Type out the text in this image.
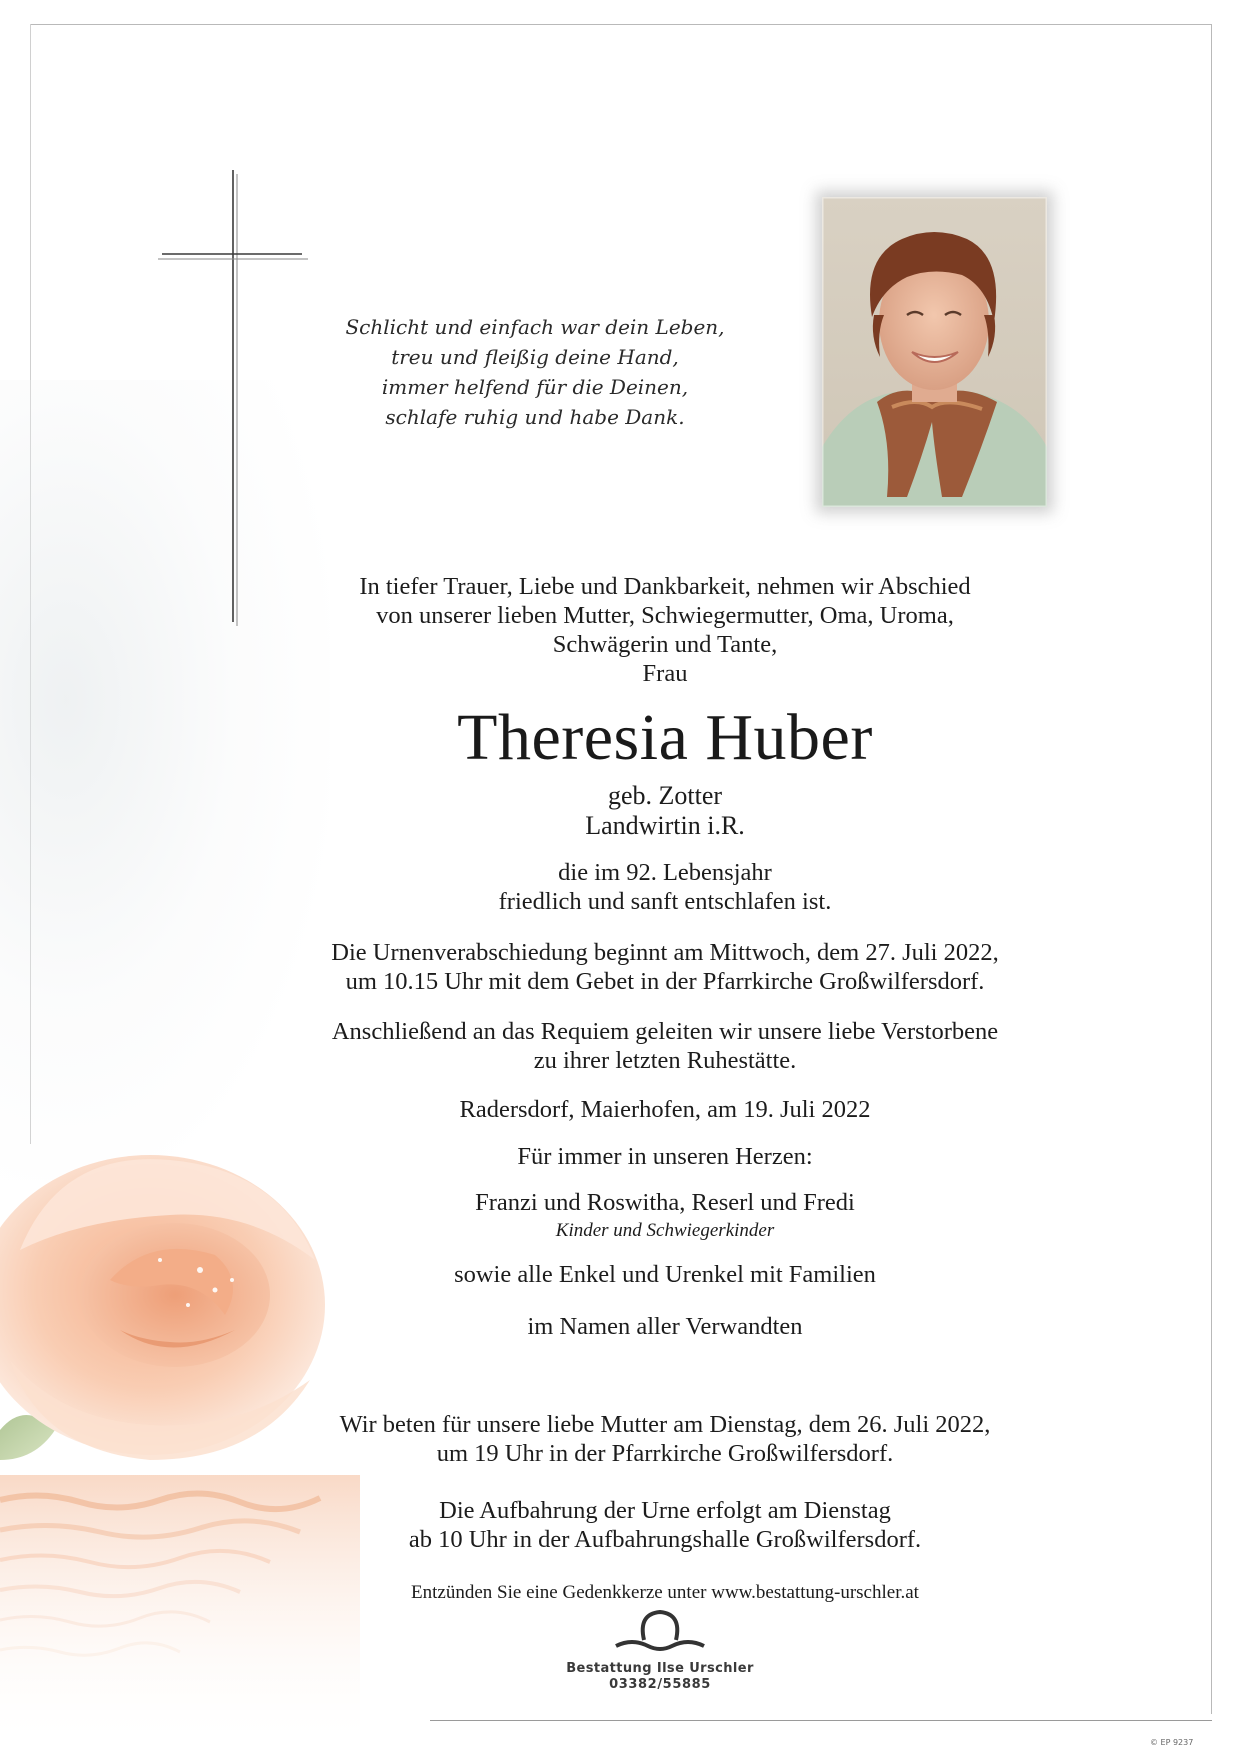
Schlicht und einfach war dein Leben,

treu und fleißig deine Hand,

immer helfend für die Deinen,

schlafe ruhig und habe Dank.

In tiefer Trauer, Liebe und Dankbarkeit, nehmen wir Abschied

von unserer lieben Mutter, Schwiegermutter, Oma, Uroma,

Schwägerin und Tante,

Frau

Theresia Huber
geb. Zotter
Landwirtin i.R.

die im 92. Lebensjahr

friedlich und sanft entschlafen ist.

Die Urnenverabschiedung beginnt am Mittwoch, dem 27. Juli 2022,

um 10.15 Uhr mit dem Gebet in der Pfarrkirche Großwilfersdorf.

Anschließend an das Requiem geleiten wir unsere liebe Verstorbene

zu ihrer letzten Ruhestätte.

Radersdorf, Maierhofen, am 19. Juli 2022
Für immer in unseren Herzen:
Franzi und Roswitha, Reserl und Fredi
Kinder und Schwiegerkinder
sowie alle Enkel und Urenkel mit Familien
im Namen aller Verwandten

Wir beten für unsere liebe Mutter am Dienstag, dem 26. Juli 2022,

um 19 Uhr in der Pfarrkirche Großwilfersdorf.

Die Aufbahrung der Urne erfolgt am Dienstag

ab 10 Uhr in der Aufbahrungshalle Großwilfersdorf.

Entzünden Sie eine Gedenkkerze unter www.bestattung-urschler.at
Bestattung Ilse Urschler
03382/55885
© EP 9237
